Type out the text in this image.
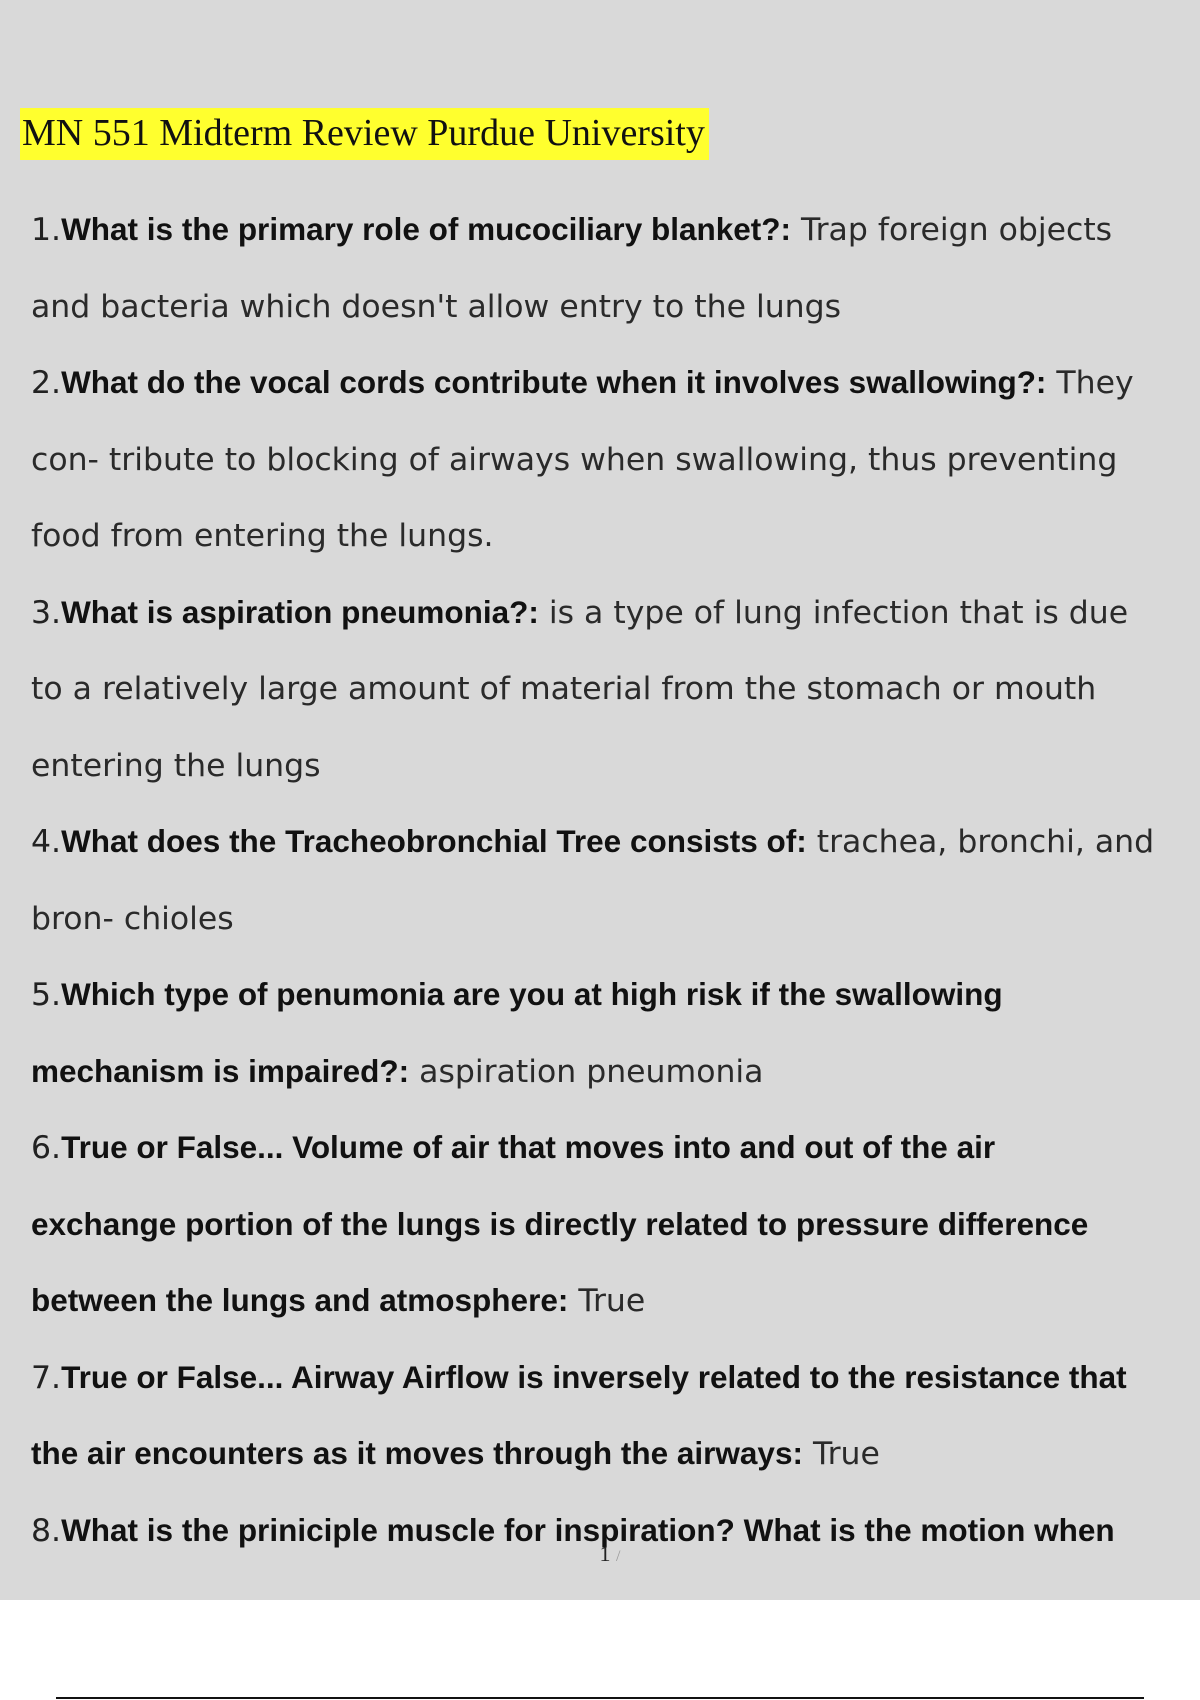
MN 551 Midterm Review Purdue University
1.What is the primary role of mucociliary blanket?: Trap foreign objects
and bacteria which doesn't allow entry to the lungs
2.What do the vocal cords contribute when it involves swallowing?: They
con- tribute to blocking of airways when swallowing, thus preventing
food from entering the lungs.
3.What is aspiration pneumonia?: is a type of lung infection that is due
to a relatively large amount of material from the stomach or mouth
entering the lungs
4.What does the Tracheobronchial Tree consists of: trachea, bronchi, and
bron- chioles
5.Which type of penumonia are you at high risk if the swallowing
mechanism is impaired?: aspiration pneumonia
6.True or False... Volume of air that moves into and out of the air
exchange portion of the lungs is directly related to pressure difference
between the lungs and atmosphere: True
7.True or False... Airway Airflow is inversely related to the resistance that
the air encounters as it moves through the airways: True
8.What is the priniciple muscle for inspiration? What is the motion when
1 /
